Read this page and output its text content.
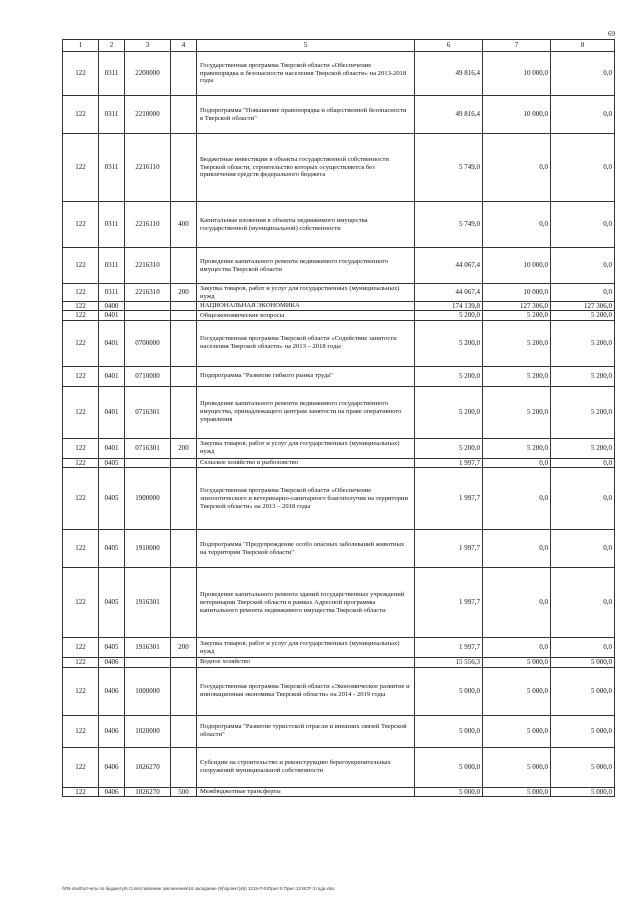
69
1	2	3	4	5	6	7	8
122	0311	2200000		Государственная программа Тверской области «Обеспечение правопорядка и безопасности населения Тверской области» на 2013-2018 годы	49 816,4	10 000,0	0,0
122	0311	2210000		Подпрограмма "Повышение правопорядка и общественной безопасности в Тверской области"	49 816,4	10 000,0	0,0
122	0311	2216110		Бюджетные инвестиции в объекты государственной собственности Тверской области, строительство которых осуществляется без привлечения средств федерального бюджета	5 749,0	0,0	0,0
122	0311	2216110	400	Капитальные вложения в объекты недвижимого имущества государственной (муниципальной) собственности	5 749,0	0,0	0,0
122	0311	2216310		Проведение капитального ремонта недвижимого государственного имущества Тверской области	44 067,4	10 000,0	0,0
122	0311	2216310	200	Закупка товаров, работ и услуг для государственных (муниципальных) нужд	44 067,4	10 000,0	0,0
122	0400			НАЦИОНАЛЬНАЯ ЭКОНОМИКА	174 139,8	127 306,0	127 306,0
122	0401			Общеэкономические вопросы	5 200,0	5 200,0	5 200,0
122	0401	0700000		Государственная программа Тверской области «Содействие занятости населения Тверской области» на 2013 – 2018 годы	5 200,0	5 200,0	5 200,0
122	0401	0710000		Подпрограмма "Развитие гибкого рынка труда"	5 200,0	5 200,0	5 200,0
122	0401	0716301		Проведение капитального ремонта недвижимого государственного имущества, принадлежащего центрам занятости на праве оперативного управления	5 200,0	5 200,0	5 200,0
122	0401	0716301	200	Закупка товаров, работ и услуг для государственных (муниципальных) нужд	5 200,0	5 200,0	5 200,0
122	0405			Сельское хозяйство и рыболовство	1 997,7	0,0	0,0
122	0405	1900000		Государственная программа Тверской области «Обеспечение эпизоотического и ветеринарно-санитарного благополучия на территории Тверской области» на 2013 – 2018 годы	1 997,7	0,0	0,0
122	0405	1910000		Подпрограмма "Предупреждение особо опасных заболеваний животных на территории Тверской области"	1 997,7	0,0	0,0
122	0405	1916301		Проведение капитального ремонта зданий государственных учреждений ветеринарии Тверской области в рамках Адресной программы капитального ремонта недвижимого имущества Тверской области	1 997,7	0,0	0,0
122	0405	1916301	200	Закупка товаров, работ и услуг для государственных (муниципальных) нужд	1 997,7	0,0	0,0
122	0406			Водное хозяйство	15 556,3	5 000,0	5 000,0
122	0406	1000000		Государственная программа Тверской области «Экономическое развитие и инновационная экономика Тверской области» на 2014 - 2019 годы	5 000,0	5 000,0	5 000,0
122	0406	1020000		Подпрограмма "Развитие туристской отрасли и внешних связей Тверской области"	5 000,0	5 000,0	5 000,0
122	0406	1026270		Субсидии на строительство и реконструкцию берегоукрепительных сооружений муниципальной собственности	5 000,0	5 000,0	5 000,0
122	0406	1026270	500	Межбюджетные трансферты	5 000,0	5 000,0	5 000,0
\\FB-ntw\0\отчеты по бюджету\5 Сопоставление заключения\16 заседание (9)\проект(46) 1219-П-5\Прил 5 Прил 13 ВСР 3 года.xlsx
